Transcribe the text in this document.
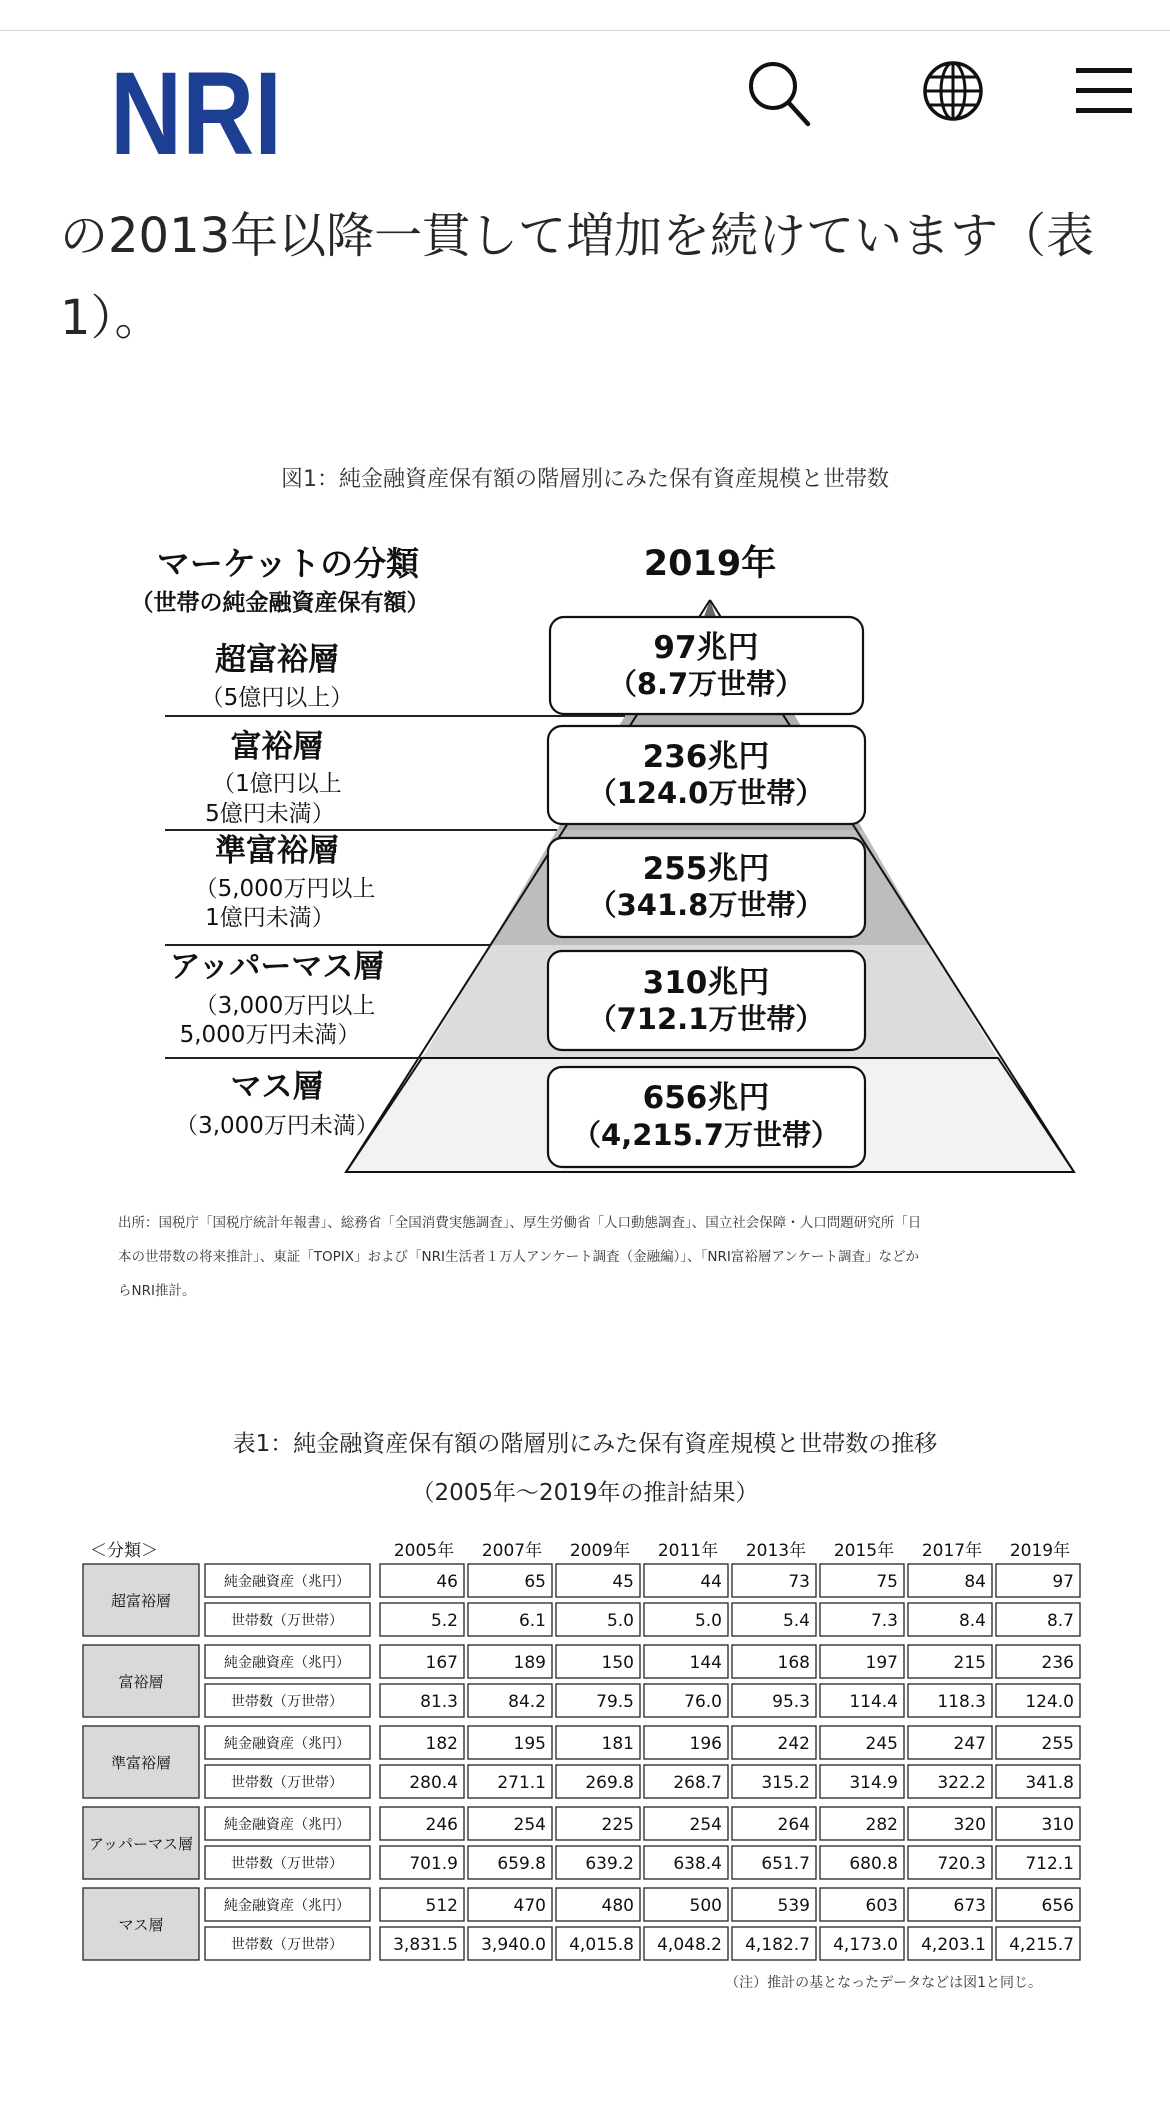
NRI

の2013年以降一貫して増加を続けています（表1）。

図1：純金融資産保有額の階層別にみた保有資産規模と世帯数
マーケットの分類
（世帯の純金融資産保有額）
2019年
超富裕層
（5億円以上）
97兆円
（8.7万世帯）
富裕層
（1億円以上
5億円未満）
236兆円
（124.0万世帯）
準富裕層
（5,000万円以上
1億円未満）
255兆円
（341.8万世帯）
アッパーマス層
（3,000万円以上
5,000万円未満）
310兆円
（712.1万世帯）
マス層
（3,000万円未満）
656兆円
（4,215.7万世帯）
出所：国税庁「国税庁統計年報書」、総務省「全国消費実態調査」、厚生労働省「人口動態調査」、国立社会保障・人口問題研究所「日
本の世帯数の将来推計」、東証「TOPIX」および「NRI生活者１万人アンケート調査（金融編）」、「NRI富裕層アンケート調査」などか
らNRI推計。
表1：純金融資産保有額の階層別にみた保有資産規模と世帯数の推移
（2005年～2019年の推計結果）
＜分類＞	2005年 2007年 2009年 2011年 2013年 2015年 2017年 2019年
超富裕層
純金融資産（兆円）	46	65	45	44	73	75	84	97
世帯数（万世帯）	5.2	6.1	5.0	5.0	5.4	7.3	8.4	8.7
富裕層
純金融資産（兆円）	167	189	150	144	168	197	215	236
世帯数（万世帯）	81.3	84.2	79.5	76.0	95.3 114.4 118.3 124.0
準富裕層
純金融資産（兆円）	182	195	181	196	242	245	247	255
世帯数（万世帯）	280.4 271.1 269.8 268.7 315.2 314.9 322.2 341.8
アッパーマス層
純金融資産（兆円）	246	254	225	254	264	282	320	310
世帯数（万世帯）	701.9 659.8 639.2 638.4 651.7 680.8 720.3 712.1
マス層
純金融資産（兆円）	512	470	480	500	539	603	673	656
世帯数（万世帯）	3,831.5 3,940.0 4,015.8 4,048.2 4,182.7 4,173.0 4,203.1 4,215.7
（注）推計の基となったデータなどは図1と同じ。
